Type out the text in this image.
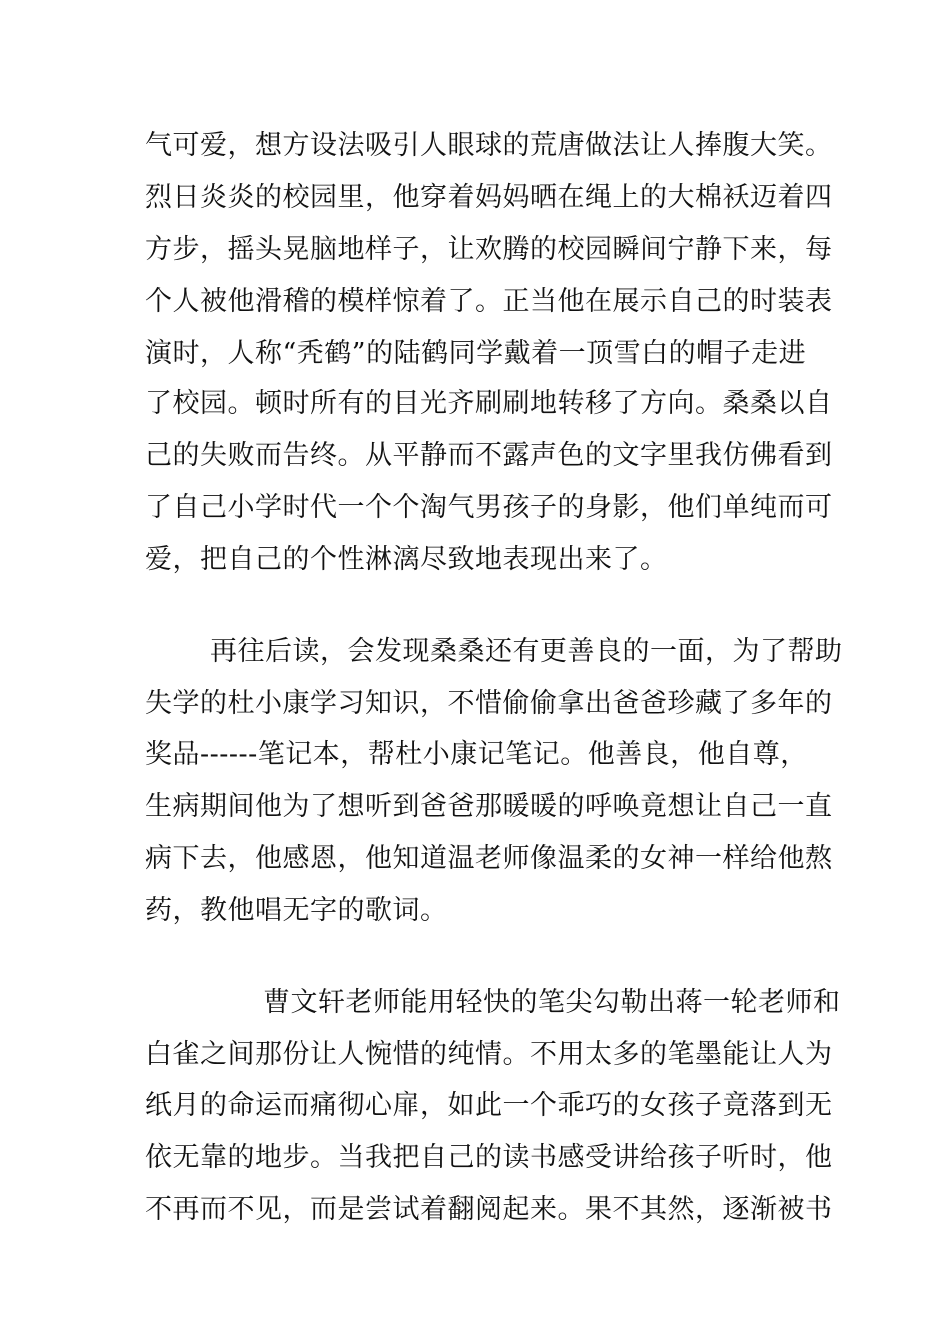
气可爱，想方设法吸引人眼球的荒唐做法让人捧腹大笑。

烈日炎炎的校园里，他穿着妈妈晒在绳上的大棉袄迈着四

方步，摇头晃脑地样子，让欢腾的校园瞬间宁静下来，每

个人被他滑稽的模样惊着了。正当他在展示自己的时装表

演时，人称“秃鹤”的陆鹤同学戴着一顶雪白的帽子走进

了校园。顿时所有的目光齐刷刷地转移了方向。桑桑以自

己的失败而告终。从平静而不露声色的文字里我仿佛看到

了自己小学时代一个个淘气男孩子的身影，他们单纯而可

爱，把自己的个性淋漓尽致地表现出来了。

再往后读，会发现桑桑还有更善良的一面，为了帮助

失学的杜小康学习知识，不惜偷偷拿出爸爸珍藏了多年的

奖品------笔记本，帮杜小康记笔记。他善良，他自尊，

生病期间他为了想听到爸爸那暖暖的呼唤竟想让自己一直

病下去，他感恩，他知道温老师像温柔的女神一样给他熬

药，教他唱无字的歌词。

曹文轩老师能用轻快的笔尖勾勒出蒋一轮老师和

白雀之间那份让人惋惜的纯情。不用太多的笔墨能让人为

纸月的命运而痛彻心扉，如此一个乖巧的女孩子竟落到无

依无靠的地步。当我把自己的读书感受讲给孩子听时，他

不再而不见，而是尝试着翻阅起来。果不其然，逐渐被书
